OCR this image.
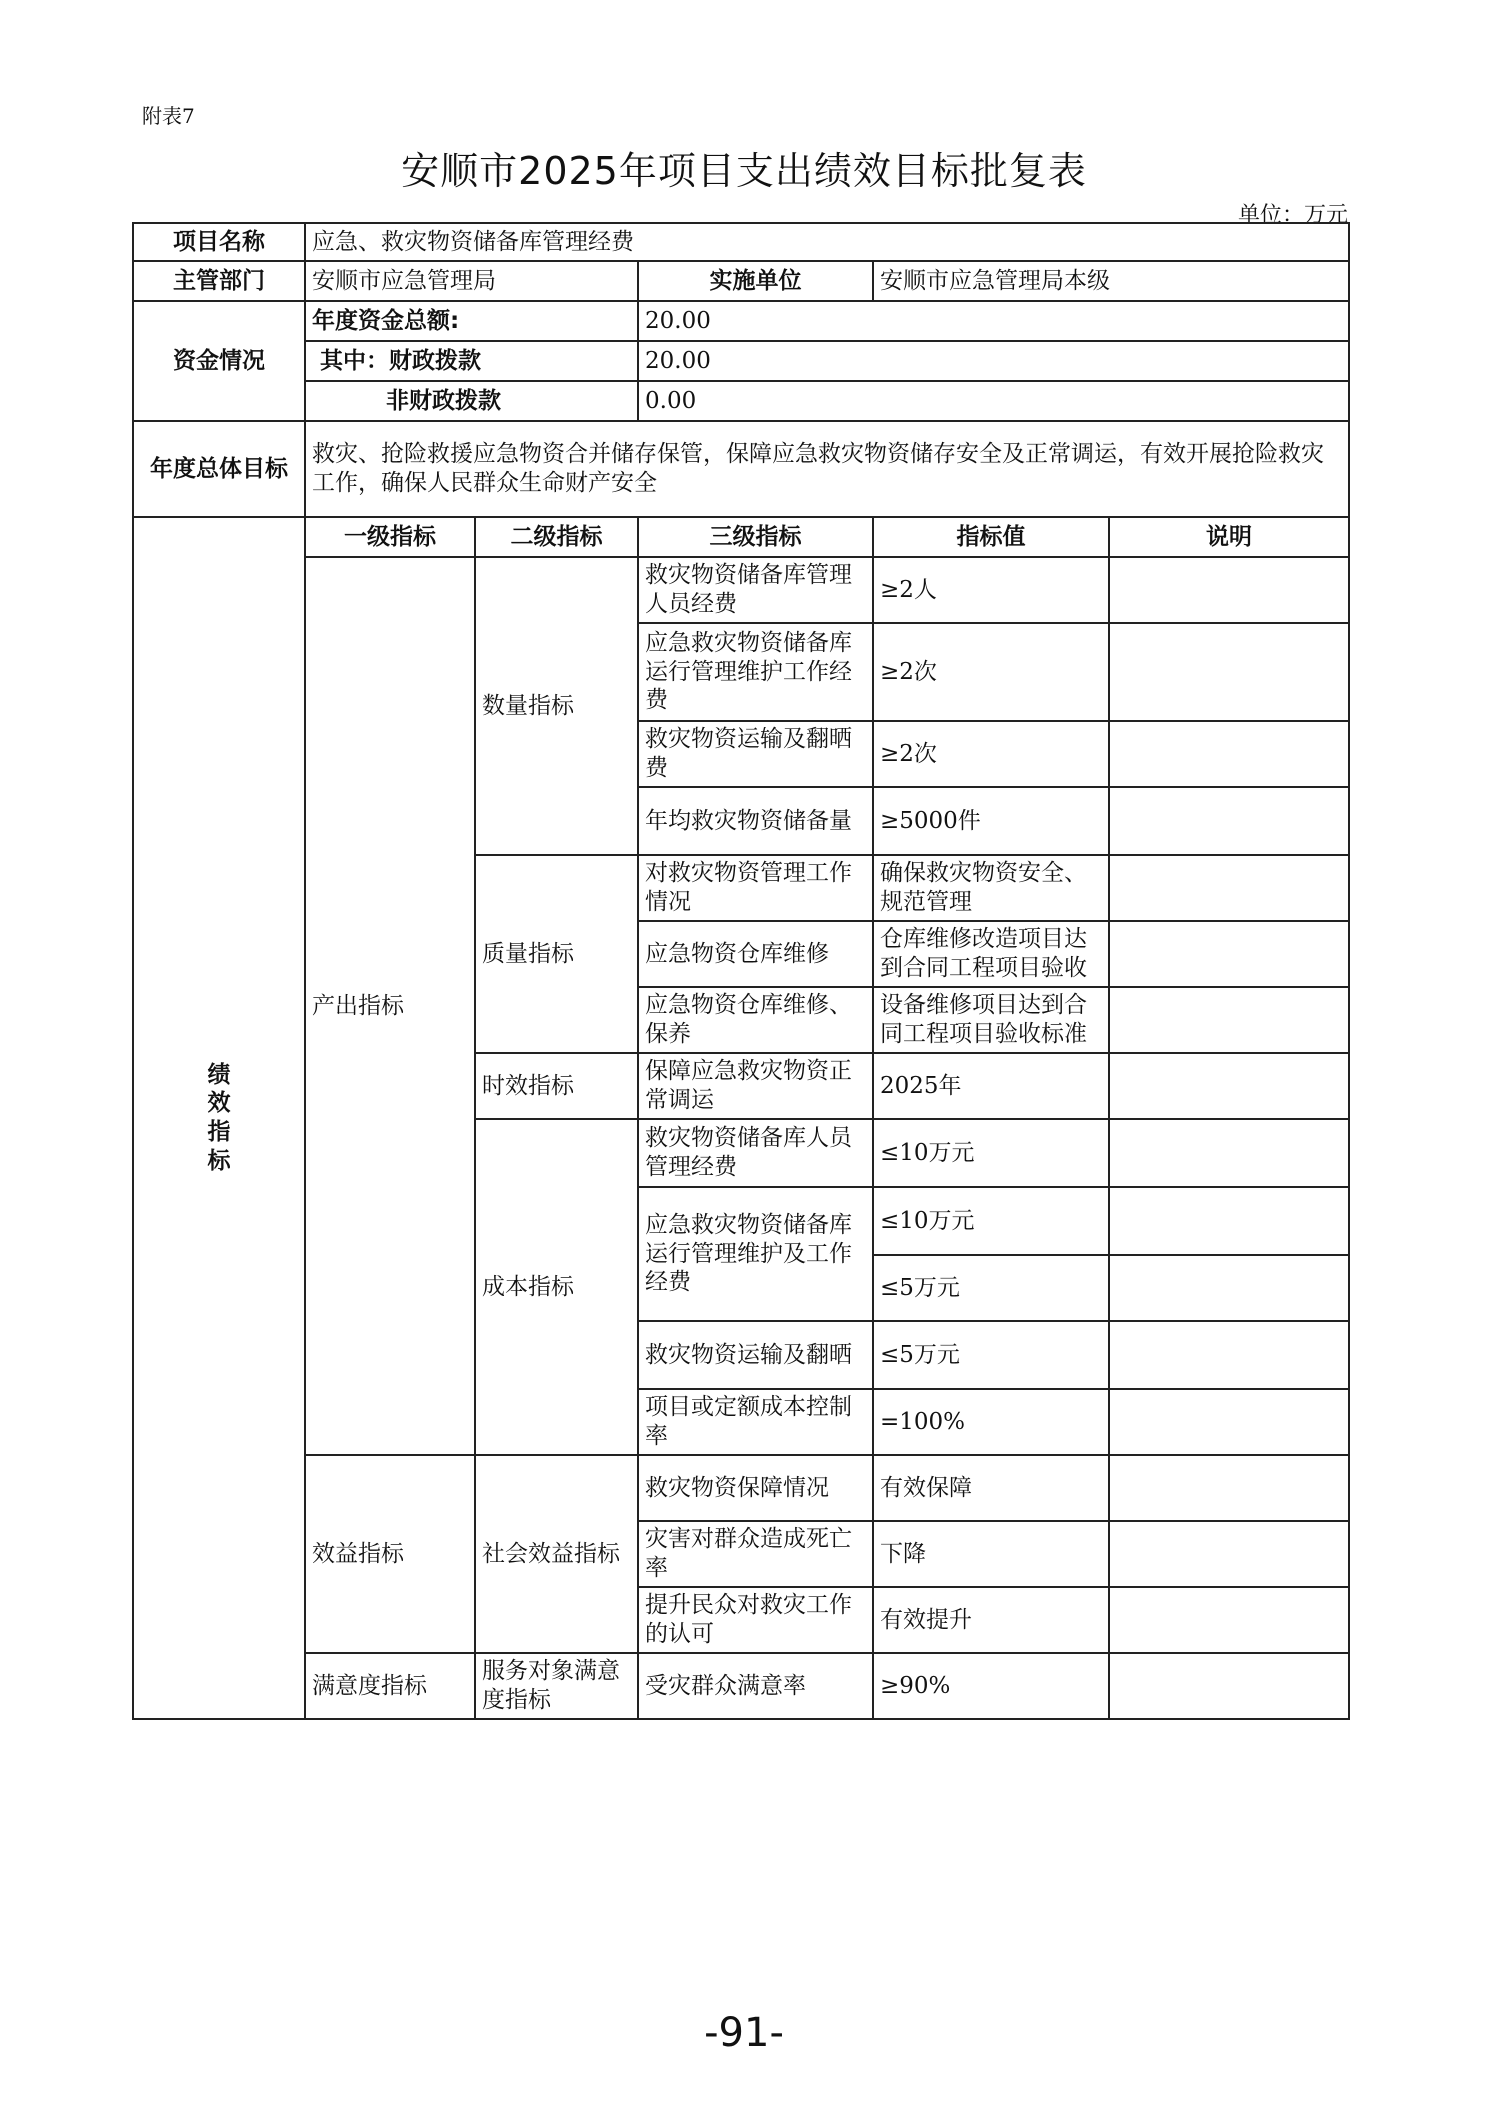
附表7
安顺市2025年项目支出绩效目标批复表
单位：万元
项目名称	应急、救灾物资储备库管理经费				
主管部门	安顺市应急管理局		实施单位	安顺市应急管理局本级	
资金情况	年度资金总额:		20.00		
	其中：财政拨款		20.00		
	非财政拨款		0.00		
年度总体目标	救灾、抢险救援应急物资合并储存保管，保障应急救灾物资储存安全及正常调运，有效开展抢险救灾工作，确保人民群众生命财产安全				
绩
效
指
标	一级指标	二级指标	三级指标	指标值	说明
	产出指标	数量指标	救灾物资储备库管理人员经费	≥2人	
			应急救灾物资储备库运行管理维护工作经费	≥2次	
			救灾物资运输及翻晒费	≥2次	
			年均救灾物资储备量	≥5000件	
		质量指标	对救灾物资管理工作情况	确保救灾物资安全、规范管理	
			应急物资仓库维修	仓库维修改造项目达到合同工程项目验收	
			应急物资仓库维修、保养	设备维修项目达到合同工程项目验收标准	
		时效指标	保障应急救灾物资正常调运	2025年	
		成本指标	救灾物资储备库人员管理经费	≤10万元	
			应急救灾物资储备库运行管理维护及工作经费	≤10万元	
				≤5万元	
			救灾物资运输及翻晒	≤5万元	
			项目或定额成本控制率	=100%	
	效益指标	社会效益指标	救灾物资保障情况	有效保障	
			灾害对群众造成死亡率	下降	
			提升民众对救灾工作的认可	有效提升	
	满意度指标	服务对象满意度指标	受灾群众满意率	≥90%	
-91-
